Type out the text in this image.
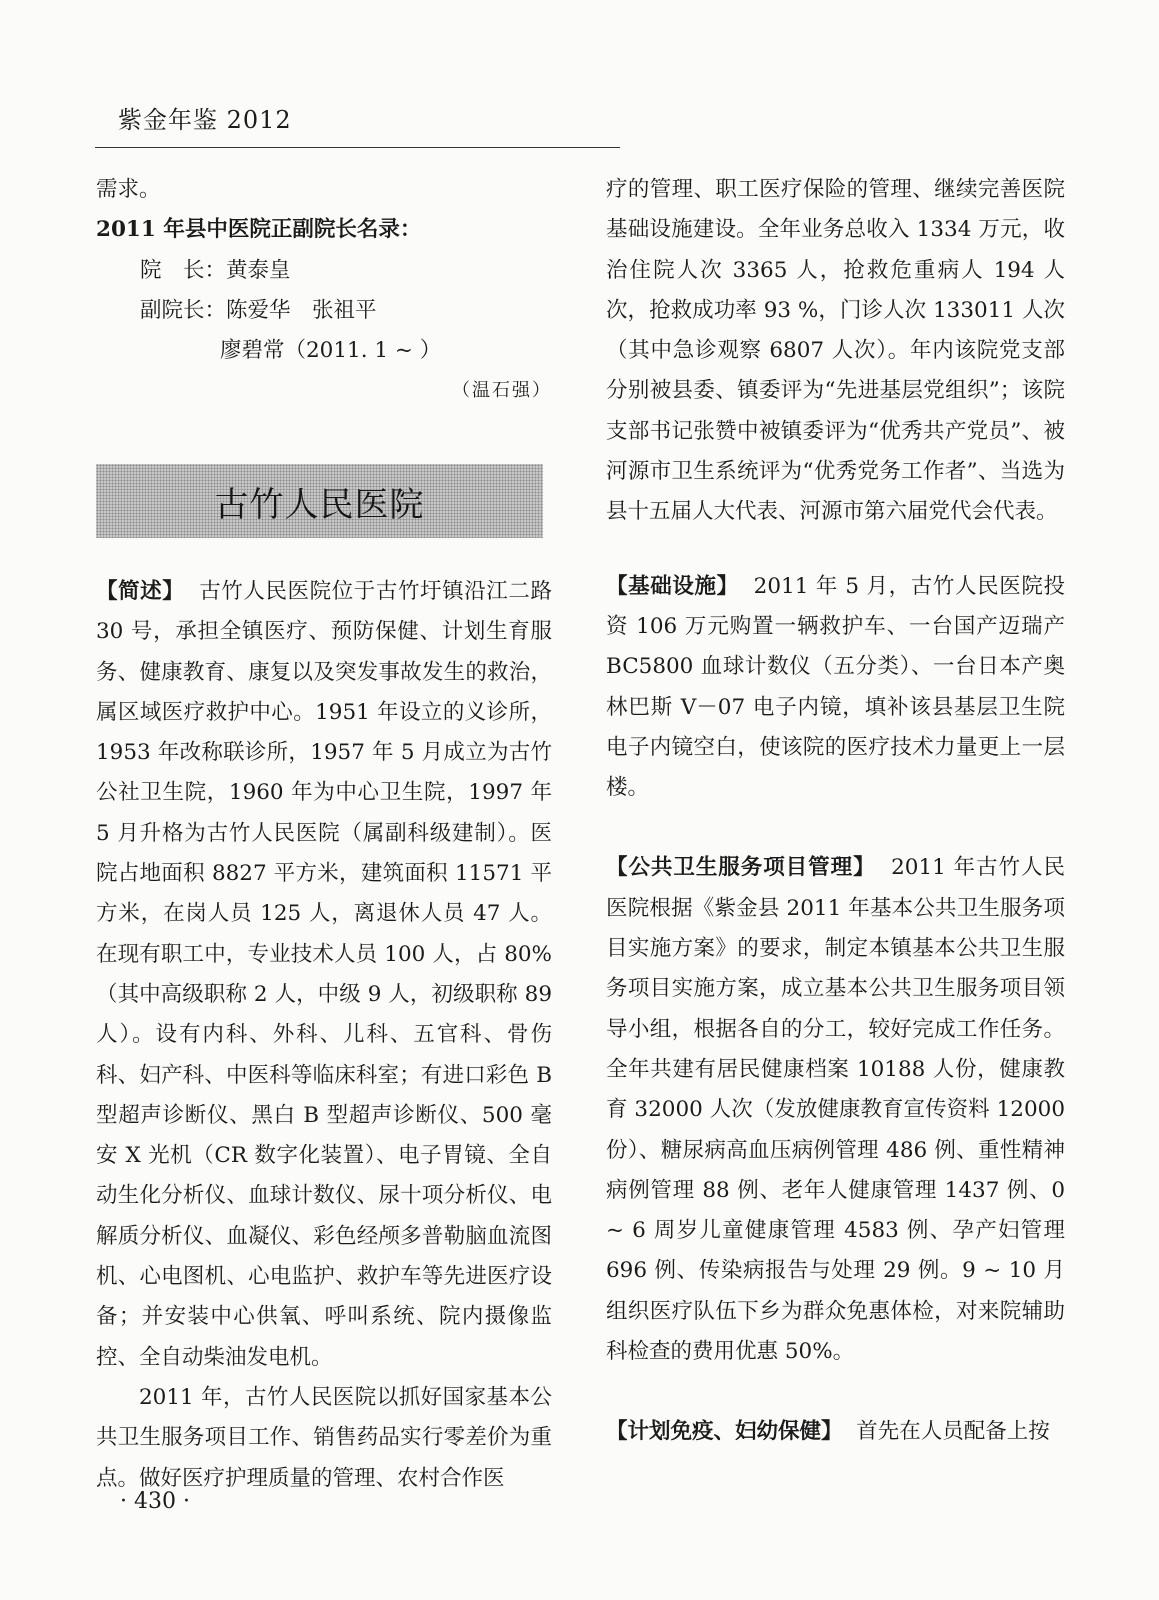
紫金年鉴 2012

需求。

2011 年县中医院正副院长名录：

院　长：黄泰皇

副院长：陈爱华　张祖平

廖碧常（2011. 1 ~ ）

（温石强）

古竹人民医院

【简述】 古竹人民医院位于古竹圩镇沿江二路 30 号，承担全镇医疗、预防保健、计划生育服务、健康教育、康复以及突发事故发生的救治，属区域医疗救护中心。1951 年设立的义诊所，1953 年改称联诊所，1957 年 5 月成立为古竹公社卫生院，1960 年为中心卫生院，1997 年 5 月升格为古竹人民医院（属副科级建制）。医院占地面积 8827 平方米，建筑面积 11571 平方米，在岗人员 125 人，离退休人员 47 人。在现有职工中，专业技术人员 100 人，占 80%（其中高级职称 2 人，中级 9 人，初级职称 89 人）。设有内科、外科、儿科、五官科、骨伤科、妇产科、中医科等临床科室；有进口彩色 B 型超声诊断仪、黑白 B 型超声诊断仪、500 毫安 X 光机（CR 数字化装置）、电子胃镜、全自动生化分析仪、血球计数仪、尿十项分析仪、电解质分析仪、血凝仪、彩色经颅多普勒脑血流图机、心电图机、心电监护、救护车等先进医疗设备；并安装中心供氧、呼叫系统、院内摄像监控、全自动柴油发电机。

2011 年，古竹人民医院以抓好国家基本公共卫生服务项目工作、销售药品实行零差价为重点。做好医疗护理质量的管理、农村合作医

疗的管理、职工医疗保险的管理、继续完善医院基础设施建设。全年业务总收入 1334 万元，收治住院人次 3365 人，抢救危重病人 194 人次，抢救成功率 93 %，门诊人次 133011 人次（其中急诊观察 6807 人次）。年内该院党支部分别被县委、镇委评为“先进基层党组织”；该院支部书记张赞中被镇委评为“优秀共产党员”、被河源市卫生系统评为“优秀党务工作者”、当选为县十五届人大代表、河源市第六届党代会代表。

【基础设施】 2011 年 5 月，古竹人民医院投资 106 万元购置一辆救护车、一台国产迈瑞产 BC5800 血球计数仪（五分类）、一台日本产奥林巴斯 V－07 电子内镜，填补该县基层卫生院电子内镜空白，使该院的医疗技术力量更上一层楼。

【公共卫生服务项目管理】 2011 年古竹人民医院根据《紫金县 2011 年基本公共卫生服务项目实施方案》的要求，制定本镇基本公共卫生服务项目实施方案，成立基本公共卫生服务项目领导小组，根据各自的分工，较好完成工作任务。全年共建有居民健康档案 10188 人份，健康教育 32000 人次（发放健康教育宣传资料 12000 份）、糖尿病高血压病例管理 486 例、重性精神病例管理 88 例、老年人健康管理 1437 例、0 ~ 6 周岁儿童健康管理 4583 例、孕产妇管理 696 例、传染病报告与处理 29 例。9 ~ 10 月组织医疗队伍下乡为群众免惠体检，对来院辅助科检查的费用优惠 50%。

【计划免疫、妇幼保健】 首先在人员配备上按

· 430 ·
